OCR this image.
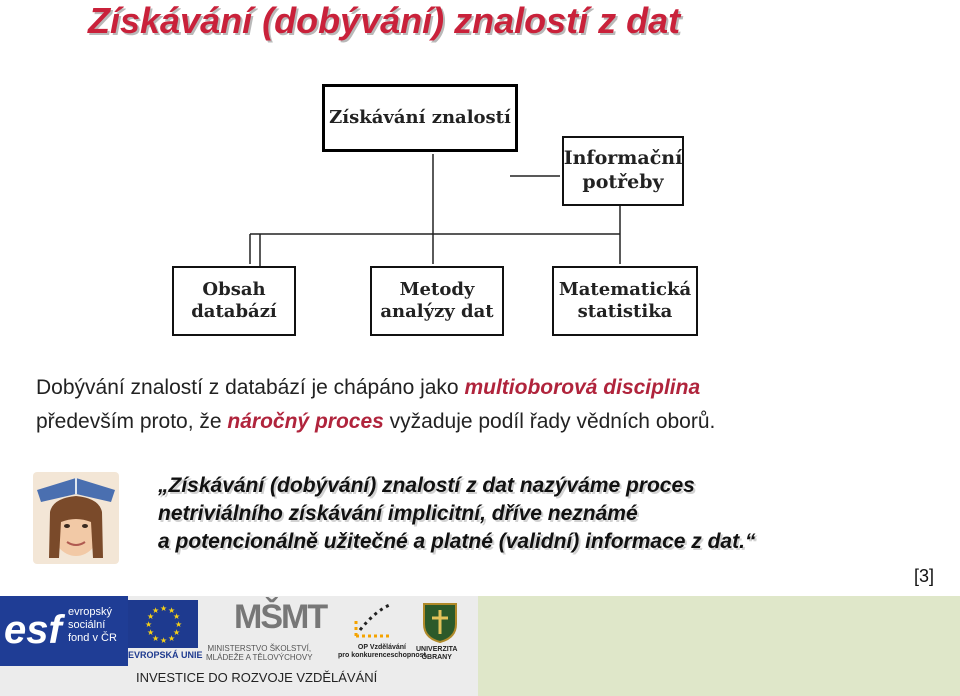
Získávání (dobývání) znalostí z dat
Získávání znalostí
Informační
potřeby
Obsah
databází
Metody
analýzy dat
Matematická
statistika
Dobývání znalostí z databází je chápáno jako multioborová disciplina
především proto, že náročný proces vyžaduje podíl řady vědních oborů.
„Získávání (dobývání) znalostí z dat nazýváme proces
netriviálního získávání implicitní, dříve neznámé
a potencionálně užitečné a platné (validní) informace z dat.“
[3]
esf evropský
sociální
fond v ČR
★ ★
★
★
★
★
★
★
★
★
★
★
EVROPSKÁ UNIE
MŠMT
MINISTERSTVO ŠKOLSTVÍ,
MLÁDEŽE A TĚLOVÝCHOVY
OP Vzdělávání
pro konkurenceschopnost
UNIVERZITA
OBRANY
INVESTICE DO ROZVOJE VZDĚLÁVÁNÍ
